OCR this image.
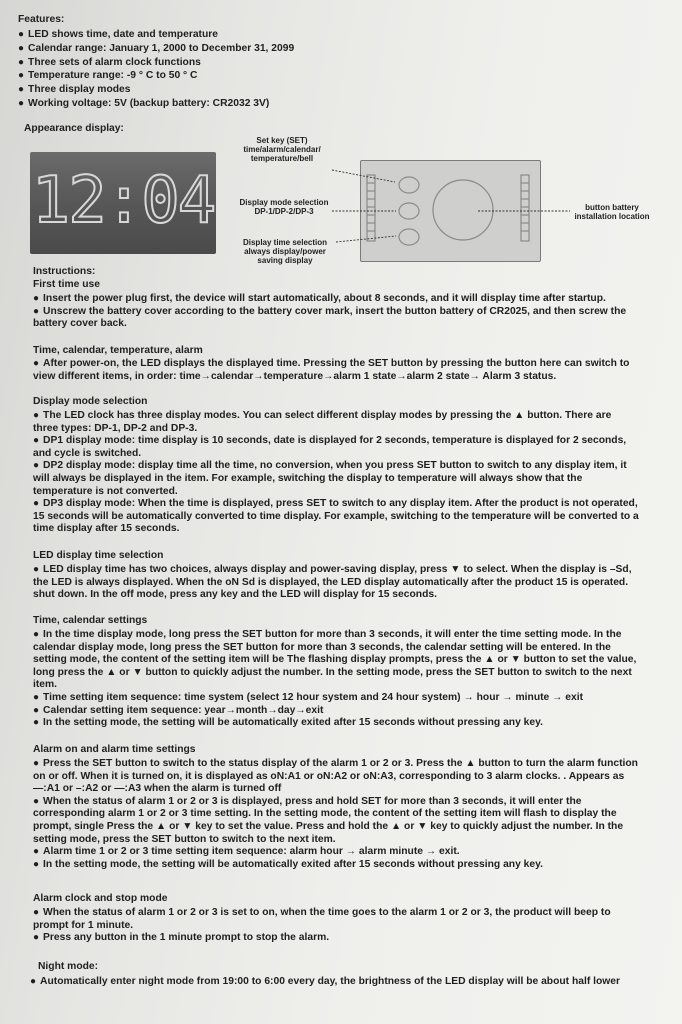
Features:
● LED shows time, date and temperature
● Calendar range: January 1, 2000 to December 31, 2099
● Three sets of alarm clock functions
● Temperature range: -9 ° C to 50 ° C
● Three display modes
● Working voltage: 5V (backup battery: CR2032 3V)
Appearance display:
12:04
Set key (SET)
time/alarm/calendar/
temperature/bell
Display mode selection
DP-1/DP-2/DP-3
Display time selection
always display/power
saving display
button battery
installation location
Instructions:
First time use
● Insert the power plug first, the device will start automatically, about 8 seconds, and it will display time after startup.
● Unscrew the battery cover according to the battery cover mark, insert the button battery of CR2025, and then screw the
battery cover back.
Time, calendar, temperature, alarm
● After power-on, the LED displays the displayed time. Pressing the SET button by pressing the button here can switch to
view different items, in order: time→calendar→temperature→alarm 1 state→alarm 2 state→ Alarm 3 status.
Display mode selection
● The LED clock has three display modes. You can select different display modes by pressing the ▲ button. There are
three types: DP-1, DP-2 and DP-3.
● DP1 display mode: time display is 10 seconds, date is displayed for 2 seconds, temperature is displayed for 2 seconds,
and cycle is switched.
● DP2 display mode: display time all the time, no conversion, when you press SET button to switch to any display item, it
will always be displayed in the item. For example, switching the display to temperature will always show that the
temperature is not converted.
● DP3 display mode: When the time is displayed, press SET to switch to any display item. After the product is not operated,
15 seconds will be automatically converted to time display. For example, switching to the temperature will be converted to a
time display after 15 seconds.
LED display time selection
● LED display time has two choices, always display and power-saving display, press ▼ to select. When the display is –Sd,
the LED is always displayed. When the oN Sd is displayed, the LED display automatically after the product 15 is operated.
shut down. In the off mode, press any key and the LED will display for 15 seconds.
Time, calendar settings
● In the time display mode, long press the SET button for more than 3 seconds, it will enter the time setting mode. In the
calendar display mode, long press the SET button for more than 3 seconds, the calendar setting will be entered. In the
setting mode, the content of the setting item will be The flashing display prompts, press the ▲ or ▼ button to set the value,
long press the ▲ or ▼ button to quickly adjust the number. In the setting mode, press the SET button to switch to the next
item.
● Time setting item sequence: time system (select 12 hour system and 24 hour system) → hour → minute → exit
● Calendar setting item sequence: year→month→day→exit
● In the setting mode, the setting will be automatically exited after 15 seconds without pressing any key.
Alarm on and alarm time settings
● Press the SET button to switch to the status display of the alarm 1 or 2 or 3. Press the ▲ button to turn the alarm function
on or off. When it is turned on, it is displayed as oN:A1 or oN:A2 or oN:A3, corresponding to 3 alarm clocks. . Appears as
—:A1 or –:A2 or —:A3 when the alarm is turned off
● When the status of alarm 1 or 2 or 3 is displayed, press and hold SET for more than 3 seconds, it will enter the
corresponding alarm 1 or 2 or 3 time setting. In the setting mode, the content of the setting item will flash to display the
prompt, single Press the ▲ or ▼ key to set the value. Press and hold the ▲ or ▼ key to quickly adjust the number. In the
setting mode, press the SET button to switch to the next item.
● Alarm time 1 or 2 or 3 time setting item sequence: alarm hour → alarm minute → exit.
● In the setting mode, the setting will be automatically exited after 15 seconds without pressing any key.
Alarm clock and stop mode
● When the status of alarm 1 or 2 or 3 is set to on, when the time goes to the alarm 1 or 2 or 3, the product will beep to
prompt for 1 minute.
● Press any button in the 1 minute prompt to stop the alarm.
Night mode:
● Automatically enter night mode from 19:00 to 6:00 every day, the brightness of the LED display will be about half lower
